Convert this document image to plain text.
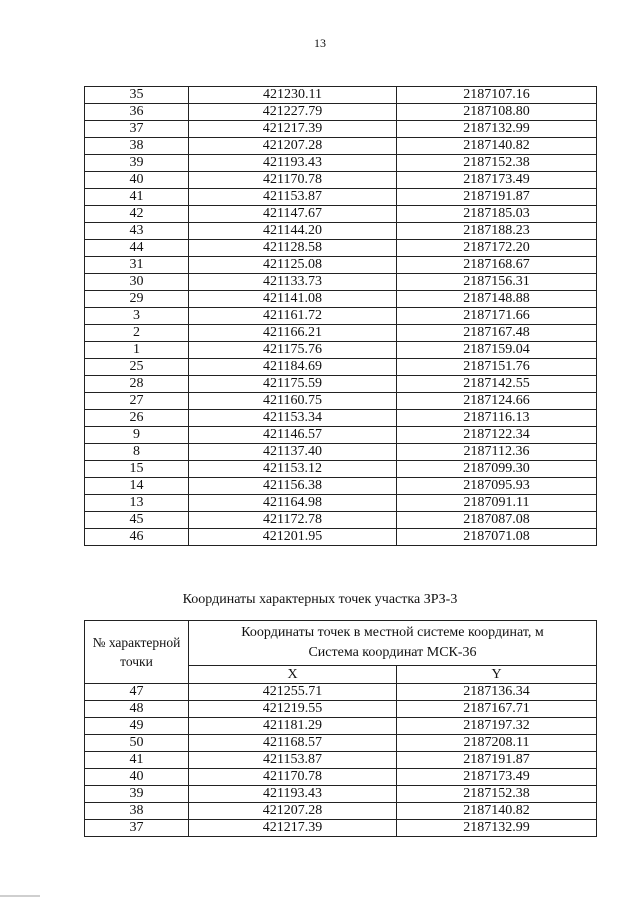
13
35	421230.11	2187107.16
36	421227.79	2187108.80
37	421217.39	2187132.99
38	421207.28	2187140.82
39	421193.43	2187152.38
40	421170.78	2187173.49
41	421153.87	2187191.87
42	421147.67	2187185.03
43	421144.20	2187188.23
44	421128.58	2187172.20
31	421125.08	2187168.67
30	421133.73	2187156.31
29	421141.08	2187148.88
3	421161.72	2187171.66
2	421166.21	2187167.48
1	421175.76	2187159.04
25	421184.69	2187151.76
28	421175.59	2187142.55
27	421160.75	2187124.66
26	421153.34	2187116.13
9	421146.57	2187122.34
8	421137.40	2187112.36
15	421153.12	2187099.30
14	421156.38	2187095.93
13	421164.98	2187091.11
45	421172.78	2187087.08
46	421201.95	2187071.08
Координаты характерных точек участка ЗРЗ-3
№ характерной точки	Координаты точек в местной системе координат, м
Система координат МСК-36	

	X	Y
47	421255.71	2187136.34
48	421219.55	2187167.71
49	421181.29	2187197.32
50	421168.57	2187208.11
41	421153.87	2187191.87
40	421170.78	2187173.49
39	421193.43	2187152.38
38	421207.28	2187140.82
37	421217.39	2187132.99
